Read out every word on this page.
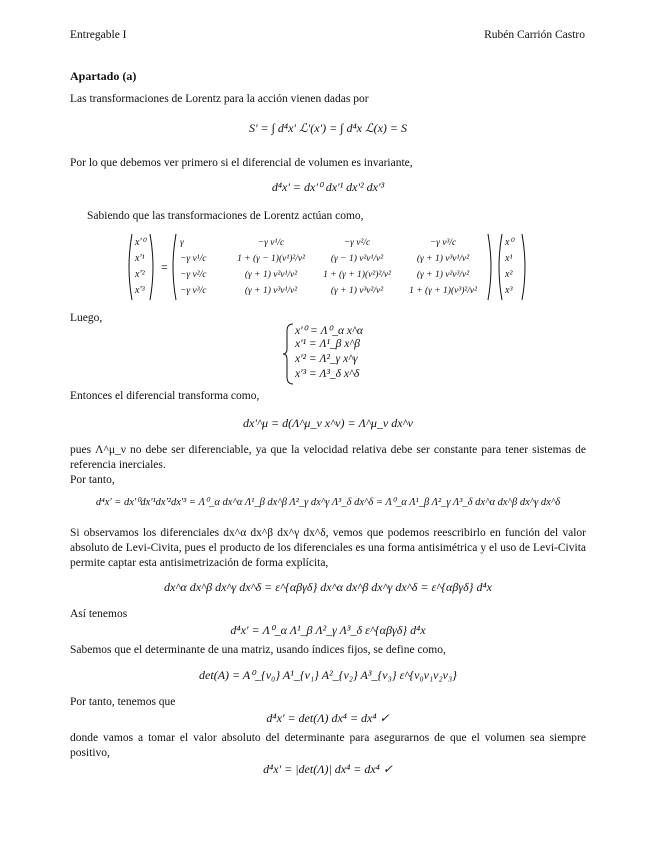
Entregable I	Rubén Carrión Castro
Apartado (a)
Las transformaciones de Lorentz para la acción vienen dadas por
S' = ∫ d⁴x' ℒ'(x') = ∫ d⁴x ℒ(x) = S
Por lo que debemos ver primero si el diferencial de volumen es invariante,
d⁴x' = dx'⁰ dx'¹ dx'² dx'³
Sabiendo que las transformaciones de Lorentz actúan como,
=
x'⁰
x'¹
x'²
x'³
γ	−γ v¹/c	−γ v²/c	−γ v³/c
−γ v¹/c	1 + (γ − 1)(v¹)²/v²	(γ − 1) v²v¹/v²	(γ + 1) v³v¹/v²
−γ v²/c	(γ + 1) v²v¹/v²	1 + (γ + 1)(v²)²/v²	(γ + 1) v²v³/v²
−γ v³/c	(γ + 1) v³v¹/v²	(γ + 1) v³v²/v²	1 + (γ + 1)(v³)²/v²
x⁰
x¹
x²
x³
Luego,
x'⁰ = Λ⁰_α x^α
x'¹ = Λ¹_β x^β
x'² = Λ²_γ x^γ
x'³ = Λ³_δ x^δ
Entonces el diferencial transforma como,
dx'^μ = d(Λ^μ_ν x^ν) = Λ^μ_ν dx^ν
pues Λ^μ_ν no debe ser diferenciable, ya que la velocidad relativa debe ser constante para tener sistemas de referencia inerciales.
Por tanto,
d⁴x' = dx'⁰dx'¹dx'²dx'³ = Λ⁰_α dx^α Λ¹_β dx^β Λ²_γ dx^γ Λ³_δ dx^δ = Λ⁰_α Λ¹_β Λ²_γ Λ³_δ dx^α dx^β dx^γ dx^δ
Si observamos los diferenciales dx^α dx^β dx^γ dx^δ, vemos que podemos reescribirlo en función del valor absoluto de Levi-Civita, pues el producto de los diferenciales es una forma antisimétrica y el uso de Levi-Civita permite captar esta antisimetrización de forma explícita,
dx^α dx^β dx^γ dx^δ = ε^{αβγδ} dx^α dx^β dx^γ dx^δ = ε^{αβγδ} d⁴x
Así tenemos
d⁴x' = Λ⁰_α Λ¹_β Λ²_γ Λ³_δ ε^{αβγδ} d⁴x
Sabemos que el determinante de una matriz, usando índices fijos, se define como,
det(A) = A⁰_{ν₀} A¹_{ν₁} A²_{ν₂} A³_{ν₃} ε^{ν₀ν₁ν₂ν₃}
Por tanto, tenemos que
d⁴x' = det(Λ) dx⁴ = dx⁴ ✓
donde vamos a tomar el valor absoluto del determinante para asegurarnos de que el volumen sea siempre positivo,
d⁴x' = |det(Λ)| dx⁴ = dx⁴ ✓
